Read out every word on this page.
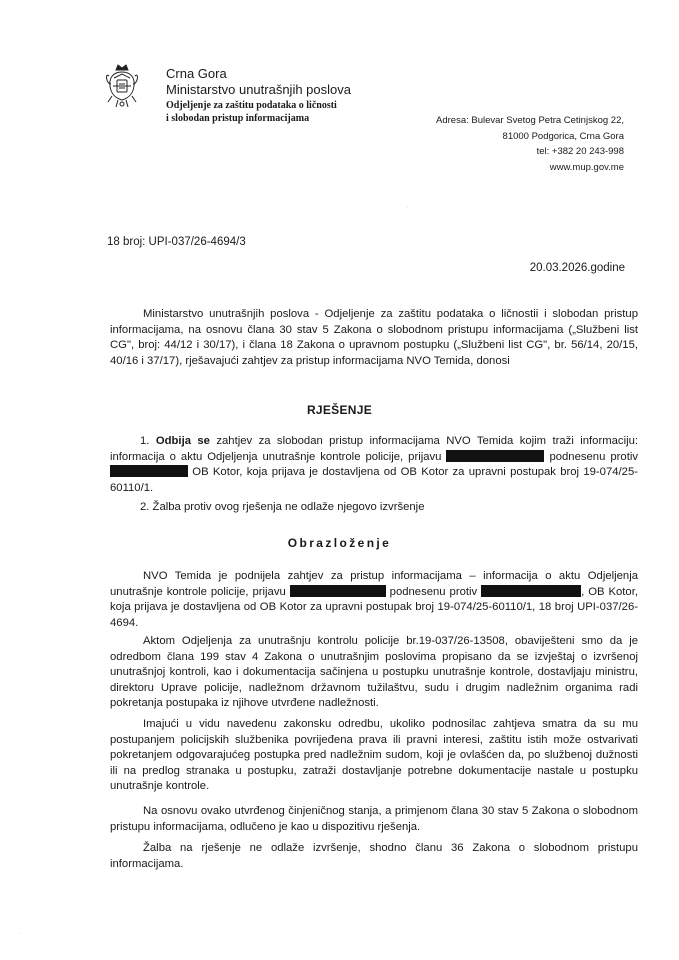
Crna Gora
Ministarstvo unutrašnjih poslova
Odjeljenje za zaštitu podataka o ličnosti
i slobodan pristup informacijama	Adresa: Bulevar Svetog Petra Cetinjskog 22,
81000 Podgorica, Crna Gora
tel: +382 20 243-998
www.mup.gov.me
18 broj: UPI-037/26-4694/3
20.03.2026.godine
Ministarstvo unutrašnjih poslova - Odjeljenje za zaštitu podataka o ličnostii i slobodan pristup informacijama, na osnovu člana 30 stav 5 Zakona o slobodnom pristupu informacijama („Službeni list CG", broj: 44/12 i 30/17), i člana 18 Zakona o upravnom postupku („Službeni list CG", br. 56/14, 20/15, 40/16 i 37/17), rješavajući zahtjev za pristup informacijama NVO Temida, donosi
RJEŠENJE
1. Odbija se zahtjev za slobodan pristup informacijama NVO Temida kojim traži informaciju: informacija o aktu Odjeljenja unutrašnje kontrole policije, prijavu	podnesenu protiv  OB Kotor, koja prijava je dostavljena od OB Kotor za upravni postupak broj 19-074/25-60110/1.
2. Žalba protiv ovog rješenja ne odlaže njegovo izvršenje
Obrazloženje
NVO Temida je podnijela zahtjev za pristup informacijama – informacija o aktu Odjeljenja unutrašnje kontrole policije, prijavu	podnesenu protiv	, OB Kotor, koja prijava je dostavljena od OB Kotor za upravni postupak broj 19-074/25-60110/1, 18 broj UPI-037/26-4694.
Aktom Odjeljenja za unutrašnju kontrolu policije br.19-037/26-13508, obaviješteni smo da je odredbom člana 199 stav 4 Zakona o unutrašnjim poslovima propisano da se izvještaj o izvršenoj unutrašnjoj kontroli, kao i dokumentacija sačinjena u postupku unutrašnje kontrole, dostavljaju ministru, direktoru Uprave policije, nadležnom državnom tužilaštvu, sudu i drugim nadležnim organima radi pokretanja postupaka iz njihove utvrđene nadležnosti.
Imajući u vidu navedenu zakonsku odredbu, ukoliko podnosilac zahtjeva smatra da su mu postupanjem policijskih službenika povrijeđena prava ili pravni interesi, zaštitu istih može ostvarivati pokretanjem odgovarajućeg postupka pred nadležnim sudom, koji je ovlašćen da, po službenoj dužnosti ili na predlog stranaka u postupku, zatraži dostavljanje potrebne dokumentacije nastale u postupku unutrašnje kontrole.
Na osnovu ovako utvrđenog činjeničnog stanja, a primjenom člana 30 stav 5 Zakona o slobodnom pristupu informacijama, odlučeno je kao u dispozitivu rješenja.
Žalba na rješenje ne odlaže izvršenje, shodno članu 36 Zakona o slobodnom pristupu informacijama.
·
·
